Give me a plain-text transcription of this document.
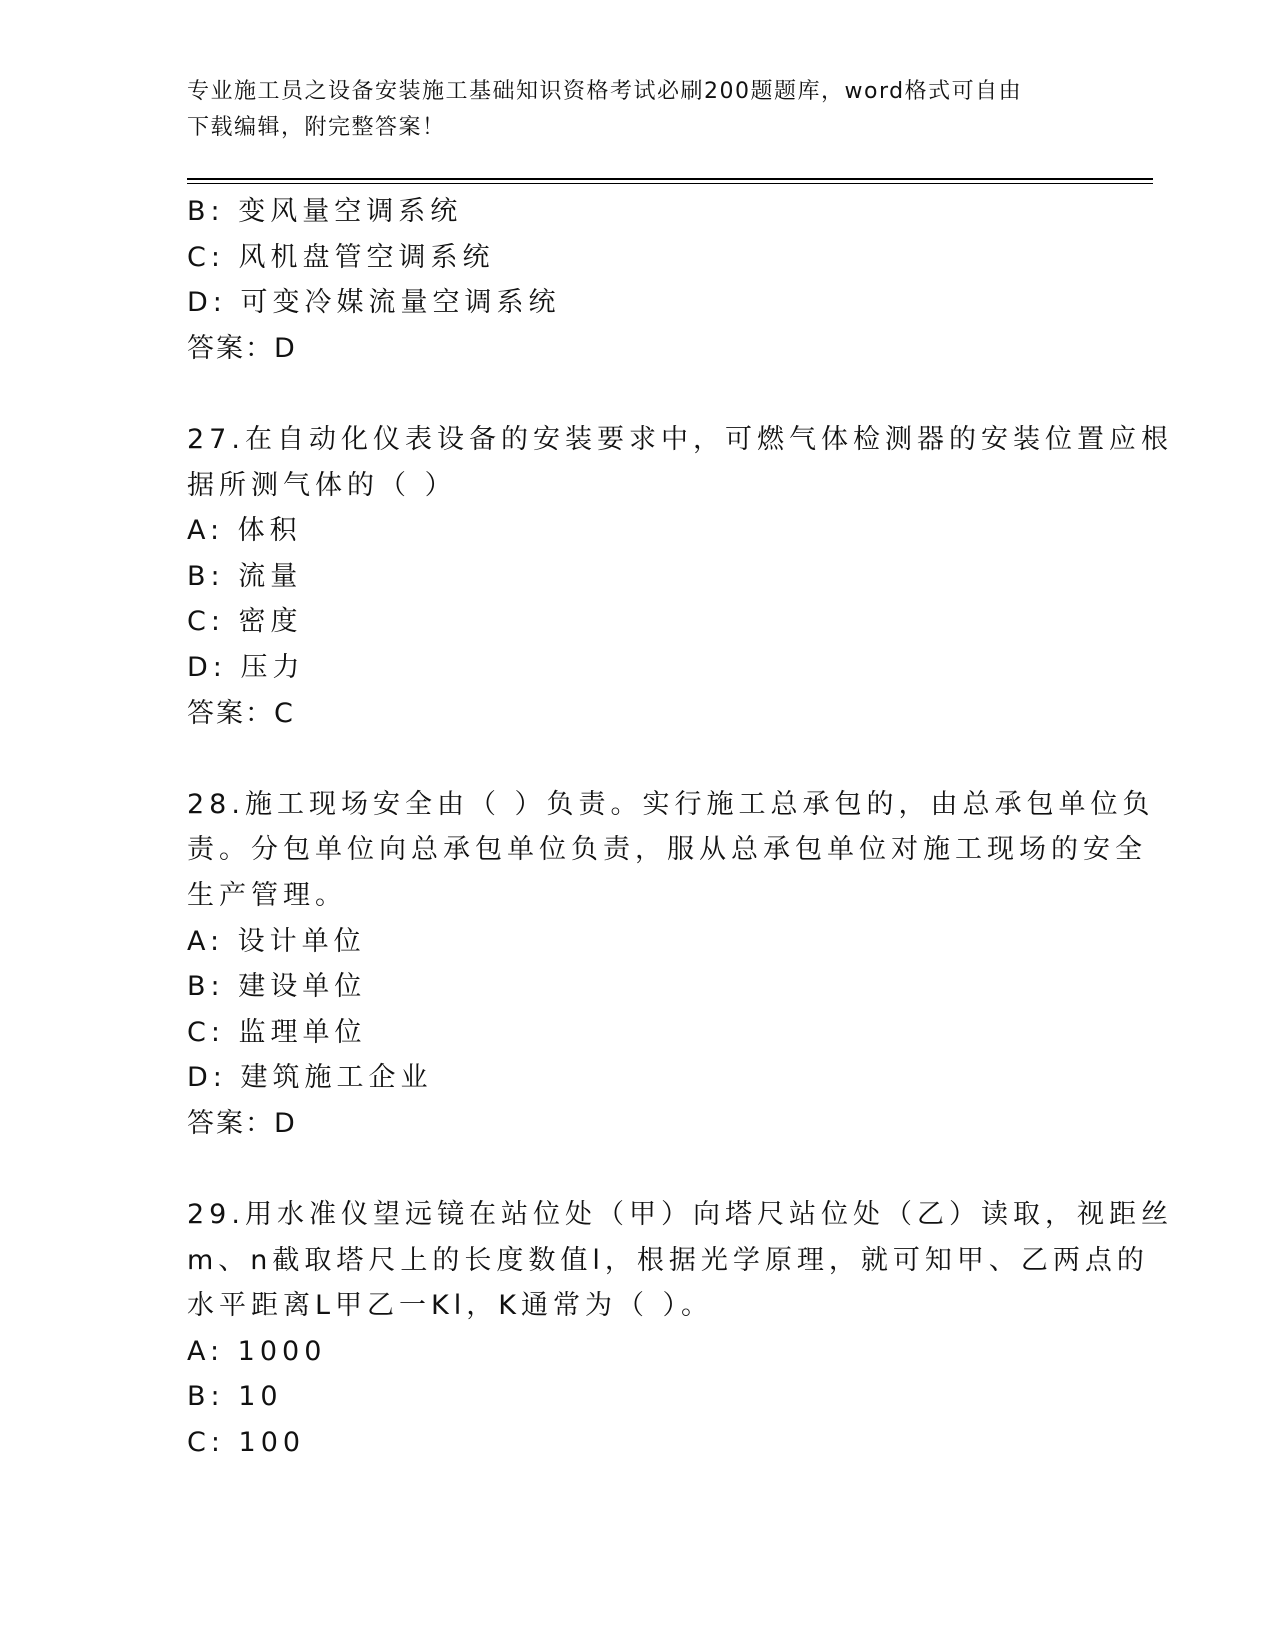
专业施工员之设备安装施工基础知识资格考试必刷200题题库，word格式可自由
下载编辑，附完整答案！
B: 变风量空调系统
C: 风机盘管空调系统
D: 可变冷媒流量空调系统
答案：D
27.在自动化仪表设备的安装要求中，可燃气体检测器的安装位置应根
据所测气体的（ ）
A: 体积
B: 流量
C: 密度
D: 压力
答案：C
28.施工现场安全由（ ）负责。实行施工总承包的，由总承包单位负
责。分包单位向总承包单位负责，服从总承包单位对施工现场的安全
生产管理。
A: 设计单位
B: 建设单位
C: 监理单位
D: 建筑施工企业
答案：D
29.用水准仪望远镜在站位处（甲）向塔尺站位处（乙）读取，视距丝
m、n截取塔尺上的长度数值l，根据光学原理，就可知甲、乙两点的
水平距离L甲乙一Kl，K通常为（ ）。
A: 1000
B: 10
C: 100
